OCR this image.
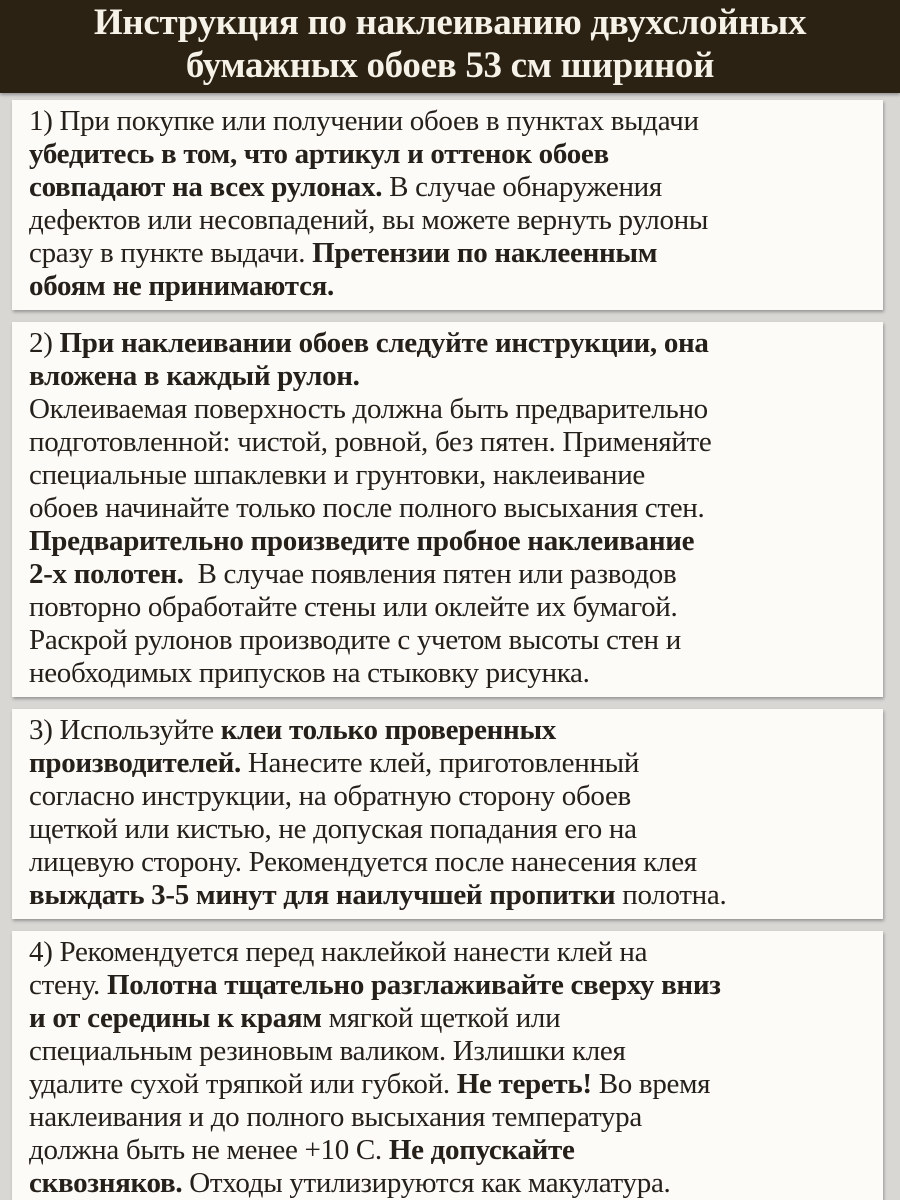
Инструкция по наклеиванию двухслойных
бумажных обоев 53 см шириной
1) При покупке или получении обоев в пунктах выдачи
убедитесь в том, что артикул и оттенок обоев
совпадают на всех рулонах. В случае обнаружения
дефектов или несовпадений, вы можете вернуть рулоны
сразу в пункте выдачи. Претензии по наклеенным
обоям не принимаются.
2) При наклеивании обоев следуйте инструкции, она
вложена в каждый рулон.
Оклеиваемая поверхность должна быть предварительно
подготовленной: чистой, ровной, без пятен. Применяйте
специальные шпаклевки и грунтовки, наклеивание
обоев начинайте только после полного высыхания стен.
Предварительно произведите пробное наклеивание
2-х полотен.  В случае появления пятен или разводов
повторно обработайте стены или оклейте их бумагой.
Раскрой рулонов производите с учетом высоты стен и
необходимых припусков на стыковку рисунка.
3) Используйте клеи только проверенных
производителей. Нанесите клей, приготовленный
согласно инструкции, на обратную сторону обоев
щеткой или кистью, не допуская попадания его на
лицевую сторону. Рекомендуется после нанесения клея
выждать 3-5 минут для наилучшей пропитки полотна.
4) Рекомендуется перед наклейкой нанести клей на
стену. Полотна тщательно разглаживайте сверху вниз
и от середины к краям мягкой щеткой или
специальным резиновым валиком. Излишки клея
удалите сухой тряпкой или губкой. Не тереть! Во время
наклеивания и до полного высыхания температура
должна быть не менее +10 С. Не допускайте
сквозняков. Отходы утилизируются как макулатура.
